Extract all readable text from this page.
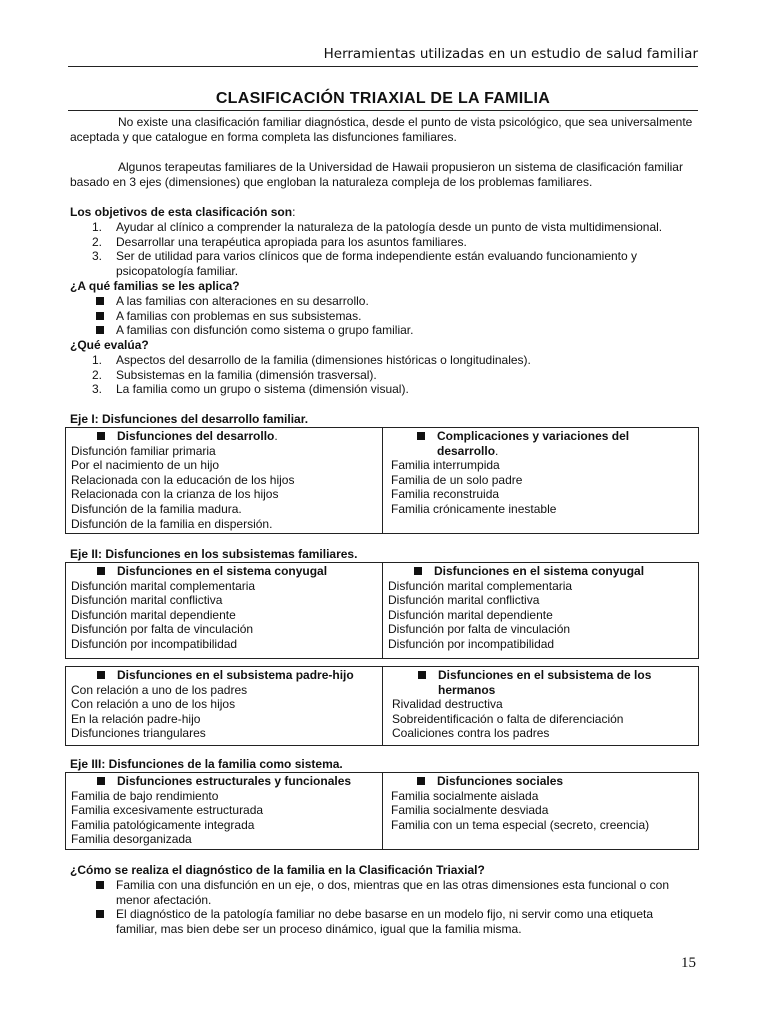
Herramientas utilizadas en un estudio de salud familiar
CLASIFICACIÓN TRIAXIAL DE LA FAMILIA
No existe una clasificación familiar diagnóstica, desde el punto de vista psicológico, que sea universalmente aceptada y que catalogue en forma completa las disfunciones familiares.
Algunos terapeutas familiares de la Universidad de Hawaii propusieron un sistema de clasificación familiar basado en 3 ejes (dimensiones) que engloban la naturaleza compleja de los problemas familiares.
Los objetivos de esta clasificación son:
1. Ayudar al clínico a comprender la naturaleza de la patología desde un punto de vista multidimensional.
2. Desarrollar una terapéutica apropiada para los asuntos familiares.
3. Ser de utilidad para varios clínicos que de forma independiente están evaluando funcionamiento y psicopatología familiar.
¿A qué familias se les aplica?
A las familias con alteraciones en su desarrollo.
A familias con problemas en sus subsistemas.
A familias con disfunción como sistema o grupo familiar.
¿Qué evalúa?
1. Aspectos del desarrollo de la familia (dimensiones históricas o longitudinales).
2. Subsistemas en la familia (dimensión trasversal).
3. La familia como un grupo o sistema (dimensión visual).
Eje I: Disfunciones del desarrollo familiar.
Disfunciones del desarrollo.
Disfunción familiar primaria
Por el nacimiento de un hijo
Relacionada con la educación de los hijos
Relacionada con la crianza de los hijos
Disfunción de la familia madura.
Disfunción de la familia en dispersión.
Complicaciones y variaciones del desarrollo.
Familia interrumpida
Familia de un solo padre
Familia reconstruida
Familia crónicamente inestable
Eje II: Disfunciones en los subsistemas familiares.
Disfunciones en el sistema conyugal
Disfunción marital complementaria
Disfunción marital conflictiva
Disfunción marital dependiente
Disfunción por falta de vinculación
Disfunción por incompatibilidad
Disfunciones en el sistema conyugal
Disfunción marital complementaria
Disfunción marital conflictiva
Disfunción marital dependiente
Disfunción por falta de vinculación
Disfunción por incompatibilidad
Disfunciones en el subsistema padre-hijo
Con relación a uno de los padres
Con relación a uno de los hijos
En la relación padre-hijo
Disfunciones triangulares
Disfunciones en el subsistema de los hermanos
Rivalidad destructiva
Sobreidentificación o falta de diferenciación
Coaliciones contra los padres
Eje III: Disfunciones de la familia como sistema.
Disfunciones estructurales y funcionales
Familia de bajo rendimiento
Familia excesivamente estructurada
Familia patológicamente integrada
Familia desorganizada
Disfunciones sociales
Familia socialmente aislada
Familia socialmente desviada
Familia con un tema especial (secreto, creencia)
¿Cómo se realiza el diagnóstico de la familia en la Clasificación Triaxial?
Familia con una disfunción en un eje, o dos, mientras que en las otras dimensiones esta funcional o con menor afectación.
El diagnóstico de la patología familiar no debe basarse en un modelo fijo, ni servir como una etiqueta familiar, mas bien debe ser un proceso dinámico, igual que la familia misma.
15
